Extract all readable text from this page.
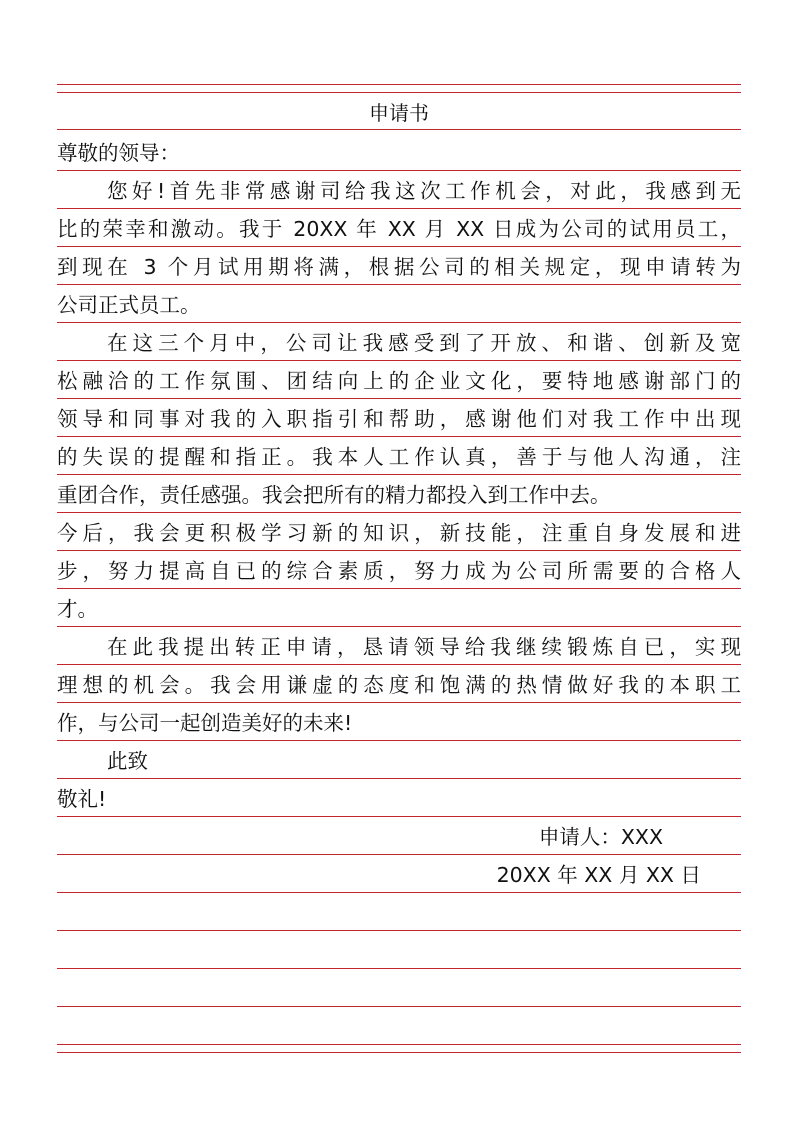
申请书
尊敬的领导：
您好!首先非常感谢司给我这次工作机会，对此，我感到无
比的荣幸和激动。我于 20XX 年 XX 月 XX 日成为公司的试用员工，
到现在 3 个月试用期将满，根据公司的相关规定，现申请转为
公司正式员工。
在这三个月中，公司让我感受到了开放、和谐、创新及宽
松融洽的工作氛围、团结向上的企业文化，要特地感谢部门的
领导和同事对我的入职指引和帮助，感谢他们对我工作中出现
的失误的提醒和指正。我本人工作认真，善于与他人沟通，注
重团合作，责任感强。我会把所有的精力都投入到工作中去。
今后，我会更积极学习新的知识，新技能，注重自身发展和进
步，努力提高自已的综合素质，努力成为公司所需要的合格人
才。
在此我提出转正申请，恳请领导给我继续锻炼自已，实现
理想的机会。我会用谦虚的态度和饱满的热情做好我的本职工
作，与公司一起创造美好的未来!
此致
敬礼!
申请人：XXX
20XX 年 XX 月 XX 日
